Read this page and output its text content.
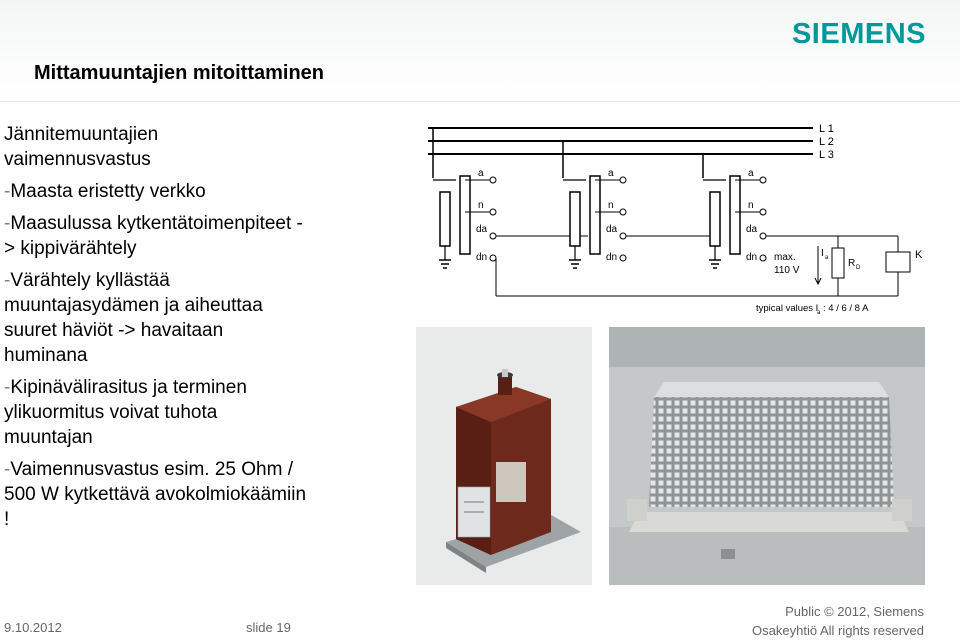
SIEMENS
Mittamuuntajien mitoittaminen
Jännitemuuntajien
vaimennusvastus
-Maasta eristetty verkko
-Maasulussa kytkentätoimenpiteet -
> kippivärähtely
-Värähtely kyllästää
muuntajasydämen ja aiheuttaa
suuret häviöt -> havaitaan
huminana
-Kipinävälirasitus ja terminen
ylikuormitus voivat tuhota
muuntajan
-Vaimennusvastus esim. 25 Ohm /
500 W kytkettävä avokolmiokäämiin
!
L 1
L 2
L 3
a
n
da
dn
a
n
da
dn
a
n
da
dn max.
110 V
I a R D
K
typical values I
a : 4 / 6 / 8 A
9.10.2012	slide 19
Public © 2012, Siemens
Osakeyhtiö All rights reserved
